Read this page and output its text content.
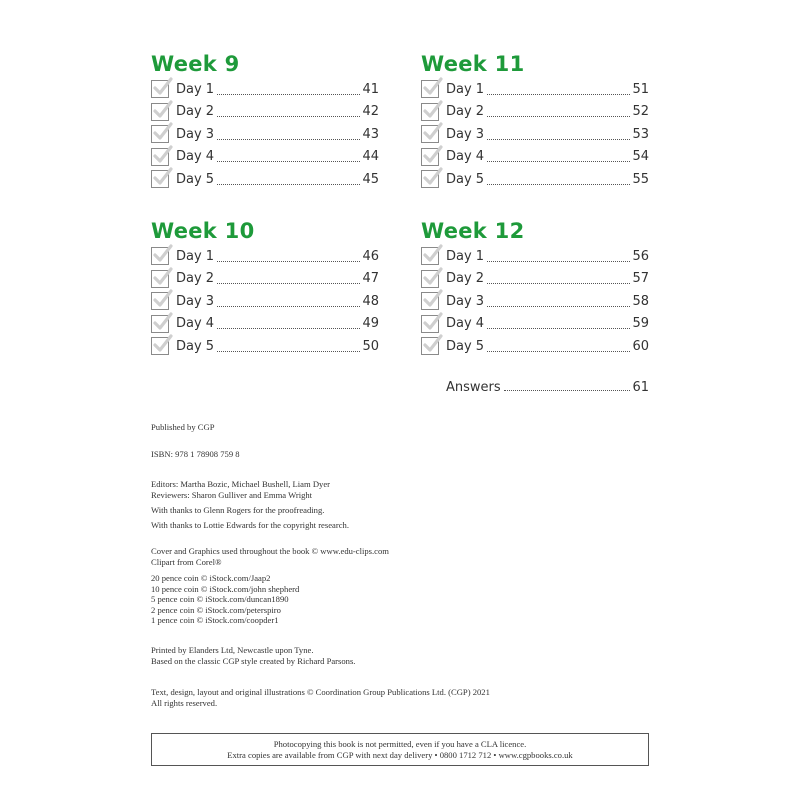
Week 9
Day 1	41
Day 2	42
Day 3	43
Day 4	44
Day 5	45
Week 11
Day 1	51
Day 2	52
Day 3	53
Day 4	54
Day 5	55
Week 10
Day 1	46
Day 2	47
Day 3	48
Day 4	49
Day 5	50
Week 12
Day 1	56
Day 2	57
Day 3	58
Day 4	59
Day 5	60
Answers	61
Published by CGP
ISBN: 978 1 78908 759 8
Editors: Martha Bozic, Michael Bushell, Liam Dyer
Reviewers: Sharon Gulliver and Emma Wright
With thanks to Glenn Rogers for the proofreading.
With thanks to Lottie Edwards for the copyright research.
Cover and Graphics used throughout the book © www.edu-clips.com
Clipart from Corel®
20 pence coin © iStock.com/Jaap2
10 pence coin © iStock.com/john shepherd
5 pence coin © iStock.com/duncan1890
2 pence coin © iStock.com/peterspiro
1 pence coin © iStock.com/coopder1
Printed by Elanders Ltd, Newcastle upon Tyne.
Based on the classic CGP style created by Richard Parsons.
Text, design, layout and original illustrations © Coordination Group Publications Ltd. (CGP) 2021
All rights reserved.
Photocopying this book is not permitted, even if you have a CLA licence.
Extra copies are available from CGP with next day delivery • 0800 1712 712 • www.cgpbooks.co.uk
